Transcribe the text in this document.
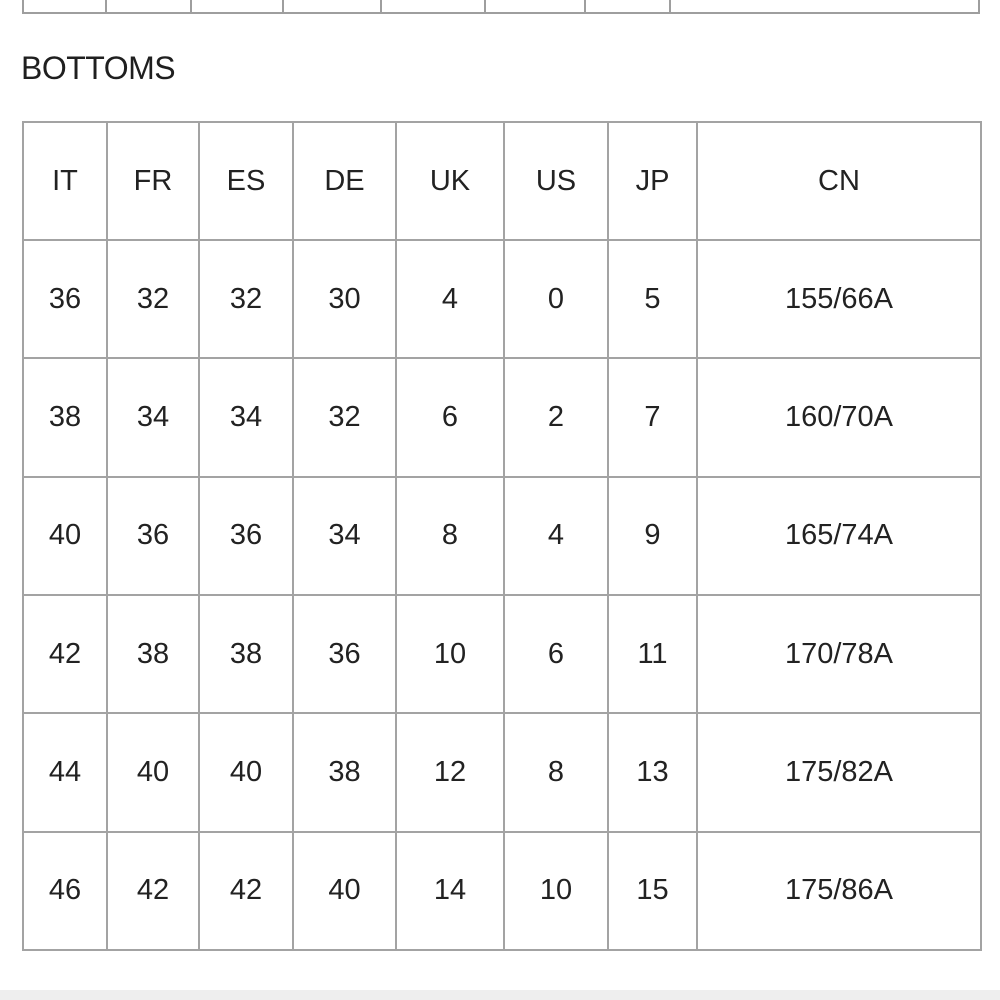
BOTTOMS
IT	FR	ES	DE	UK	US	JP	CN
36	32	32	30	4	0	5	155/66A
38	34	34	32	6	2	7	160/70A
40	36	36	34	8	4	9	165/74A
42	38	38	36	10	6	11	170/78A
44	40	40	38	12	8	13	175/82A
46	42	42	40	14	10	15	175/86A
